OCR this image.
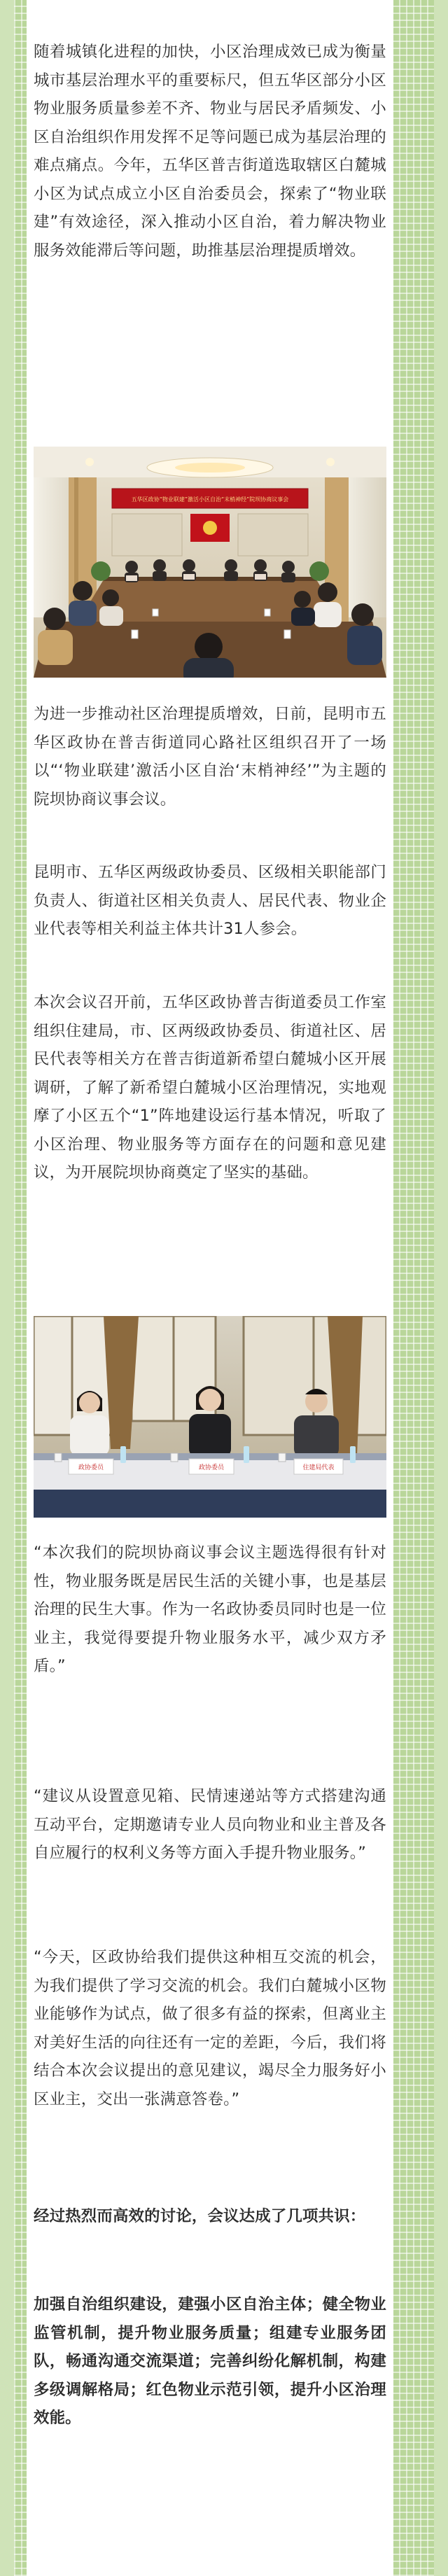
随着城镇化进程的加快，小区治理成效已成为衡量城市基层治理水平的重要标尺，但五华区部分小区物业服务质量参差不齐、物业与居民矛盾频发、小区自治组织作用发挥不足等问题已成为基层治理的难点痛点。今年，五华区普吉街道选取辖区白麓城小区为试点成立小区自治委员会，探索了“物业联建”有效途径，深入推动小区自治，着力解决物业服务效能滞后等问题，助推基层治理提质增效。

五华区政协“物业联建”激活小区自治“末梢神经”院坝协商议事会

为进一步推动社区治理提质增效，日前，昆明市五华区政协在普吉街道同心路社区组织召开了一场以“‘物业联建’激活小区自治‘末梢神经’”为主题的院坝协商议事会议。

昆明市、五华区两级政协委员、区级相关职能部门负责人、街道社区相关负责人、居民代表、物业企业代表等相关利益主体共计31人参会。

本次会议召开前，五华区政协普吉街道委员工作室组织住建局，市、区两级政协委员、街道社区、居民代表等相关方在普吉街道新希望白麓城小区开展调研，了解了新希望白麓城小区治理情况，实地观摩了小区五个“1”阵地建设运行基本情况，听取了小区治理、物业服务等方面存在的问题和意见建议，为开展院坝协商奠定了坚实的基础。

政协委员	政协委员	住建局代表

“本次我们的院坝协商议事会议主题选得很有针对性，物业服务既是居民生活的关键小事，也是基层治理的民生大事。作为一名政协委员同时也是一位业主，我觉得要提升物业服务水平，减少双方矛盾。”

“建议从设置意见箱、民情速递站等方式搭建沟通互动平台，定期邀请专业人员向物业和业主普及各自应履行的权利义务等方面入手提升物业服务。”

“今天，区政协给我们提供这种相互交流的机会，为我们提供了学习交流的机会。我们白麓城小区物业能够作为试点，做了很多有益的探索，但离业主对美好生活的向往还有一定的差距，今后，我们将结合本次会议提出的意见建议，竭尽全力服务好小区业主，交出一张满意答卷。”

经过热烈而高效的讨论，会议达成了几项共识：

加强自治组织建设，建强小区自治主体；健全物业监管机制，提升物业服务质量；组建专业服务团队，畅通沟通交流渠道；完善纠纷化解机制，构建多级调解格局；红色物业示范引领，提升小区治理效能。
